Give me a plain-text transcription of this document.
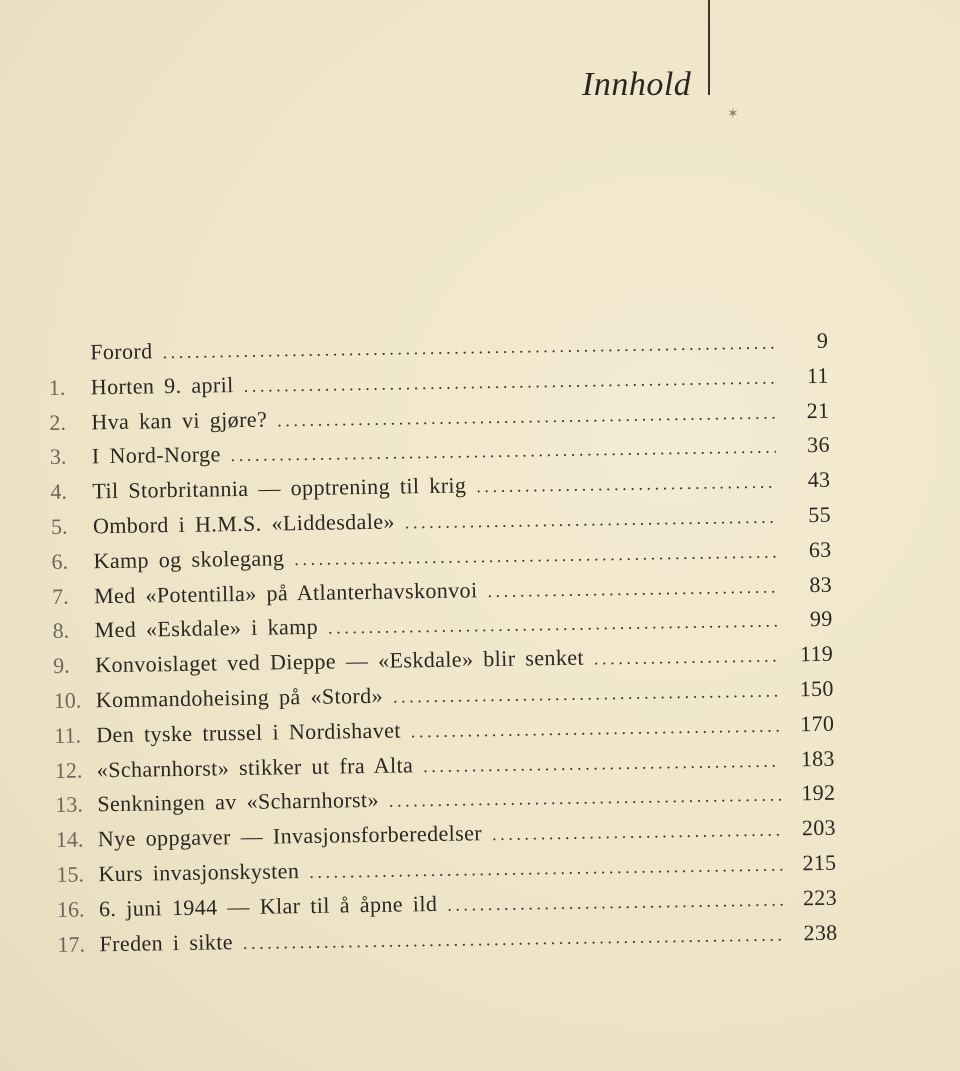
✶
Innhold
Forord .....	9
1.	Horten 9. april .....	11
2.	Hva kan vi gjøre? .....	21
3.	I Nord-Norge .....	36
4.	Til Storbritannia — opptrening til krig .....	43
5.	Ombord i H.M.S. «Liddesdale» .....	55
6.	Kamp og skolegang .....	63
7.	Med «Potentilla» på Atlanterhavskonvoi .....	83
8.	Med «Eskdale» i kamp .....	99
9.	Konvoislaget ved Dieppe — «Eskdale» blir senket .....	119
10. Kommandoheising på «Stord» .....	150
11. Den tyske trussel i Nordishavet .....	170
12. «Scharnhorst» stikker ut fra Alta .....	183
13. Senkningen av «Scharnhorst» .....	192
14. Nye oppgaver — Invasjonsforberedelser .....	203
15. Kurs invasjonskysten .....	215
16. 6. juni 1944 — Klar til å åpne ild .....	223
17. Freden i sikte .....	238
